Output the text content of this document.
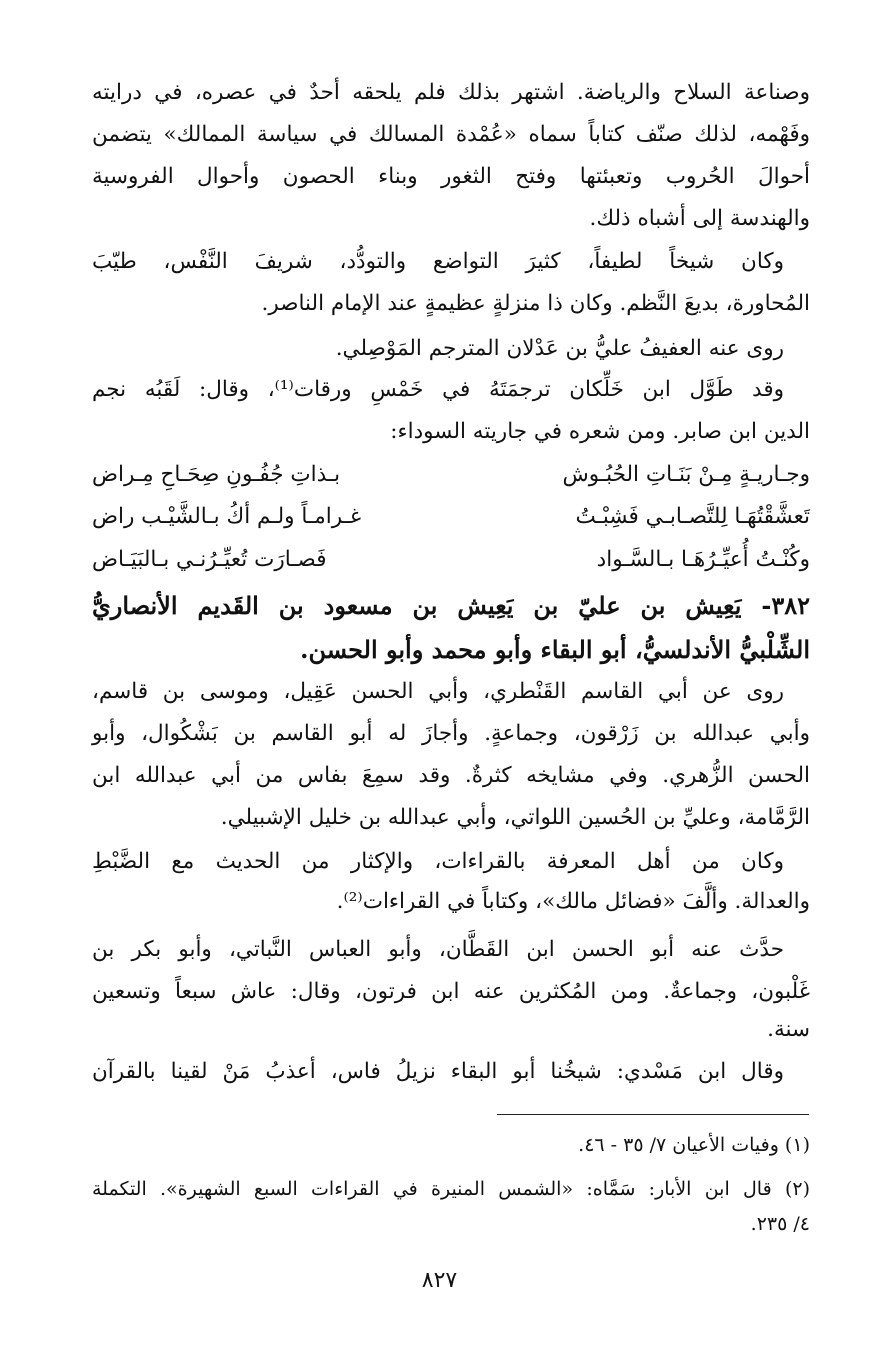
وصناعة السلاح والرياضة. اشتهر بذلك فلم يلحقه أحدٌ في عصره، في درايته
وفَهْمه، لذلك صنّف كتاباً سماه «عُمْدة المسالك في سياسة الممالك» يتضمن
أحوالَ الحُروب وتعبئتها وفتح الثغور وبناء الحصون وأحوال الفروسية
والهندسة إلى أشباه ذلك.
وكان شيخاً لطيفاً، كثيرَ التواضع والتودُّد، شريفَ النَّفْس، طيّبَ
المُحاورة، بديعَ النَّظم. وكان ذا منزلةٍ عظيمةٍ عند الإمام الناصر.
روى عنه العفيفُ عليُّ بن عَدْلان المترجم المَوْصِلي.
وقد طَوَّل ابن خَلِّكان ترجمَتَهُ في خَمْسِ ورقات⁽¹⁾، وقال: لَقَبُه نجم
الدين ابن صابر. ومن شعره في جاريته السوداء:
وجـاريـةٍ مِـنْ بَنَـاتِ الحُبُـوش
بـذاتِ جُفُـونِ صِحَـاحِ مِـراض
تَعشَّقْتُهَـا لِلتَّصـابـي فَشِبْـتُ
غـرامـاً ولـم أكُ بـالشَّيْـب راض
وكُنْـتُ أُعيِّـرُهَـا بـالسَّـواد
فَصـارَت تُعيِّـرُنـي بـالبَيَـاض
٣٨٢- يَعِيش بن عليّ بن يَعِيش بن مسعود بن القَديم الأنصاريُّ
الشِّلْبيُّ الأندلسيُّ، أبو البقاء وأبو محمد وأبو الحسن.
روى عن أبي القاسم القَنْطري، وأبي الحسن عَقِيل، وموسى بن قاسم،
وأبي عبدالله بن زَرْقون، وجماعةٍ. وأجازَ له أبو القاسم بن بَشْكُوال، وأبو
الحسن الزُّهري. وفي مشايخه كثرةٌ. وقد سمِعَ بفاس من أبي عبدالله ابن
الرَّمَّامة، وعليِّ بن الحُسين اللواتي، وأبي عبدالله بن خليل الإشبيلي.
وكان من أهل المعرفة بالقراءات، والإكثار من الحديث مع الضَّبْطِ
والعدالة. وألَّفَ «فضائل مالك»، وكتاباً في القراءات⁽²⁾.
حدَّث عنه أبو الحسن ابن القَطَّان، وأبو العباس النَّباتي، وأبو بكر بن
غَلْبون، وجماعةٌ. ومن المُكثرين عنه ابن فرتون، وقال: عاش سبعاً وتسعين
سنة.
وقال ابن مَسْدي: شيخُنا أبو البقاء نزيلُ فاس، أعذبُ مَنْ لقينا بالقرآن
(١) وفيات الأعيان ٧/ ٣٥ - ٤٦.
(٢) قال ابن الأبار: سَمَّاه: «الشمس المنيرة في القراءات السبع الشهيرة». التكملة
٤/ ٢٣٥.
٨٢٧
